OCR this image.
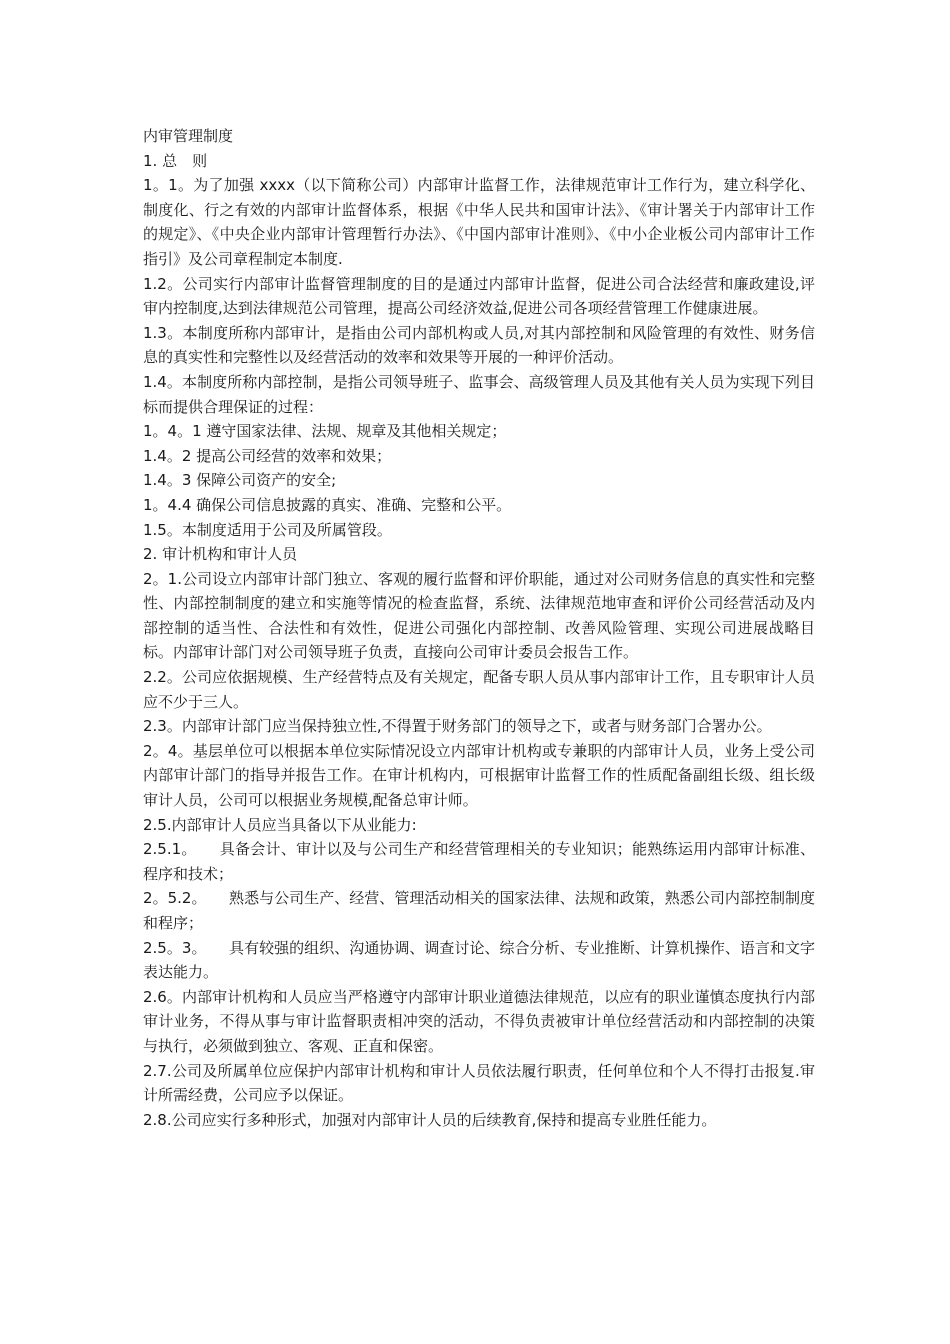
内审管理制度

1. 总　则

1。1。为了加强 xxxx（以下简称公司）内部审计监督工作，法律规范审计工作行为，建立科学化、制度化、行之有效的内部审计监督体系，根据《中华人民共和国审计法》、《审计署关于内部审计工作的规定》、《中央企业内部审计管理暂行办法》、《中国内部审计准则》、《中小企业板公司内部审计工作指引》及公司章程制定本制度.

1.2。公司实行内部审计监督管理制度的目的是通过内部审计监督，促进公司合法经营和廉政建设,评审内控制度,达到法律规范公司管理，提高公司经济效益,促进公司各项经营管理工作健康进展。

1.3。本制度所称内部审计，是指由公司内部机构或人员,对其内部控制和风险管理的有效性、财务信息的真实性和完整性以及经营活动的效率和效果等开展的一种评价活动。

1.4。本制度所称内部控制，是指公司领导班子、监事会、高级管理人员及其他有关人员为实现下列目标而提供合理保证的过程：

1。4。1 遵守国家法律、法规、规章及其他相关规定；

1.4。2 提高公司经营的效率和效果；

1.4。3 保障公司资产的安全;

1。4.4 确保公司信息披露的真实、准确、完整和公平。

1.5。本制度适用于公司及所属管段。

2. 审计机构和审计人员

2。1.公司设立内部审计部门独立、客观的履行监督和评价职能，通过对公司财务信息的真实性和完整性、内部控制制度的建立和实施等情况的检查监督，系统、法律规范地审查和评价公司经营活动及内部控制的适当性、合法性和有效性，促进公司强化内部控制、改善风险管理、实现公司进展战略目标。内部审计部门对公司领导班子负责，直接向公司审计委员会报告工作。

2.2。公司应依据规模、生产经营特点及有关规定，配备专职人员从事内部审计工作，且专职审计人员应不少于三人。

2.3。内部审计部门应当保持独立性,不得置于财务部门的领导之下，或者与财务部门合署办公。

2。4。基层单位可以根据本单位实际情况设立内部审计机构或专兼职的内部审计人员，业务上受公司内部审计部门的指导并报告工作。在审计机构内，可根据审计监督工作的性质配备副组长级、组长级审计人员，公司可以根据业务规模,配备总审计师。

2.5.内部审计人员应当具备以下从业能力:

2.5.1。　　具备会计、审计以及与公司生产和经营管理相关的专业知识；能熟练运用内部审计标准、程序和技术；

2。5.2。　　熟悉与公司生产、经营、管理活动相关的国家法律、法规和政策，熟悉公司内部控制制度和程序；

2.5。3。　　具有较强的组织、沟通协调、调查讨论、综合分析、专业推断、计算机操作、语言和文字表达能力。

2.6。内部审计机构和人员应当严格遵守内部审计职业道德法律规范，以应有的职业谨慎态度执行内部审计业务，不得从事与审计监督职责相冲突的活动，不得负责被审计单位经营活动和内部控制的决策与执行，必须做到独立、客观、正直和保密。

2.7.公司及所属单位应保护内部审计机构和审计人员依法履行职责，任何单位和个人不得打击报复.审计所需经费，公司应予以保证。

2.8.公司应实行多种形式，加强对内部审计人员的后续教育,保持和提高专业胜任能力。
